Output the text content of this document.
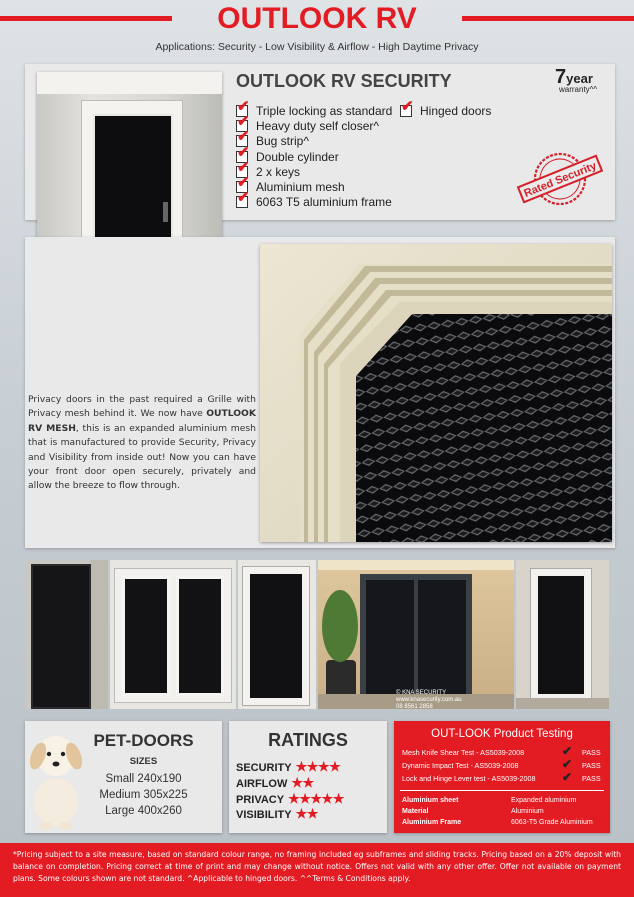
OUTLOOK RV
Applications: Security - Low Visibility & Airflow - High Daytime Privacy
OUTLOOK RV SECURITY
✔Triple locking as standard
✔Heavy duty self closer^
✔Bug strip^
✔Double cylinder
✔2 x keys
✔Aluminium mesh
✔6063 T5 aluminium frame
✔Hinged doors
7year
warranty^^
Rated Security
Privacy doors in the past required a Grille with Privacy mesh behind it. We now have OUTLOOK RV MESH, this is an expanded aluminium mesh that is manufactured to provide Security, Privacy and Visibility from inside out! Now you can have your front door open securely, privately and allow the breeze to flow through.
© KNA SECURITY
www.knasecurity.com.au
08 8561 2858
PET-DOORS
SIZES
Small 240x190
Medium 305x225
Large 400x260
RATINGS
SECURITY ★★★★
AIRFLOW ★★
PRIVACY ★★★★★
VISIBILITY ★★
OUT-LOOK Product Testing
Mesh Knife Shear Test - AS5039-2008	✔ PASS
Dynamic Impact Test - AS5039-2008	✔ PASS
Lock and Hinge Lever test - AS5039-2008 ✔ PASS
Aluminium sheet	Expanded aluminium
Material	Aluminium
Aluminium Frame	6063-T5 Grade Aluminium
*Pricing subject to a site measure, based on standard colour range, no framing included eg subframes and sliding tracks. Pricing based on a 20% deposit with balance on completion. Pricing correct at time of print and may change without notice. Offers not valid with any other offer. Offer not available on payment plans. Some colours shown are not standard. ^Applicable to hinged doors. ^^Terms & Conditions apply.
